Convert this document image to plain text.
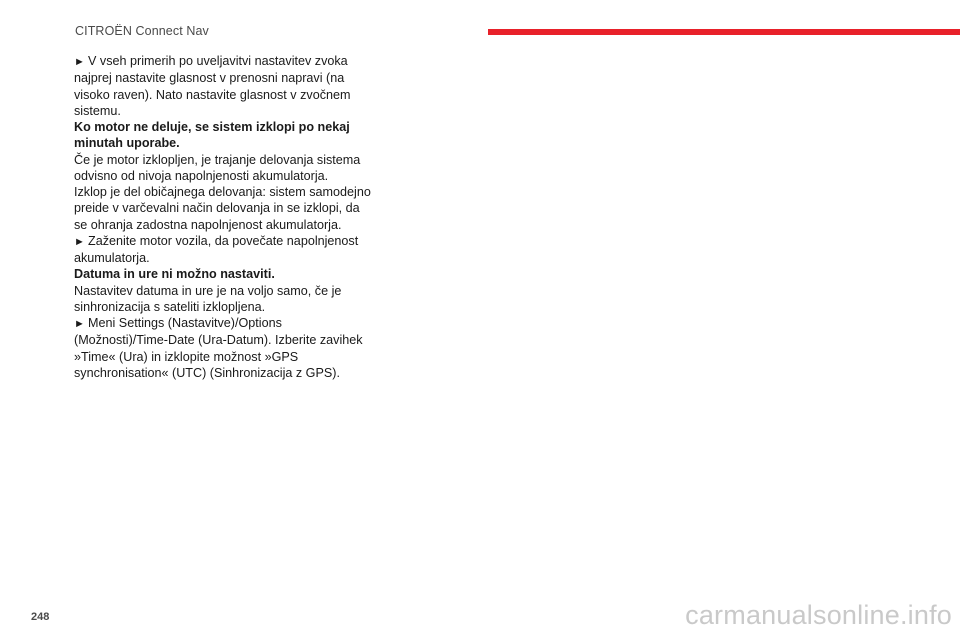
CITROËN Connect Nav

► V vseh primerih po uveljavitvi nastavitev zvoka najprej nastavite glasnost v prenosni napravi (na visoko raven). Nato nastavite glasnost v zvočnem sistemu.

Ko motor ne deluje, se sistem izklopi po nekaj minutah uporabe.

Če je motor izklopljen, je trajanje delovanja sistema odvisno od nivoja napolnjenosti akumulatorja.

Izklop je del običajnega delovanja: sistem samodejno preide v varčevalni način delovanja in se izklopi, da se ohranja zadostna napolnjenost akumulatorja.

► Zaženite motor vozila, da povečate napolnjenost akumulatorja.

Datuma in ure ni možno nastaviti.

Nastavitev datuma in ure je na voljo samo, če je sinhronizacija s sateliti izklopljena.

► Meni Settings (Nastavitve)/Options (Možnosti)/Time-Date (Ura-Datum). Izberite zavihek »Time« (Ura) in izklopite možnost »GPS synchronisation« (UTC) (Sinhronizacija z GPS).

248	carmanualsonline.info
